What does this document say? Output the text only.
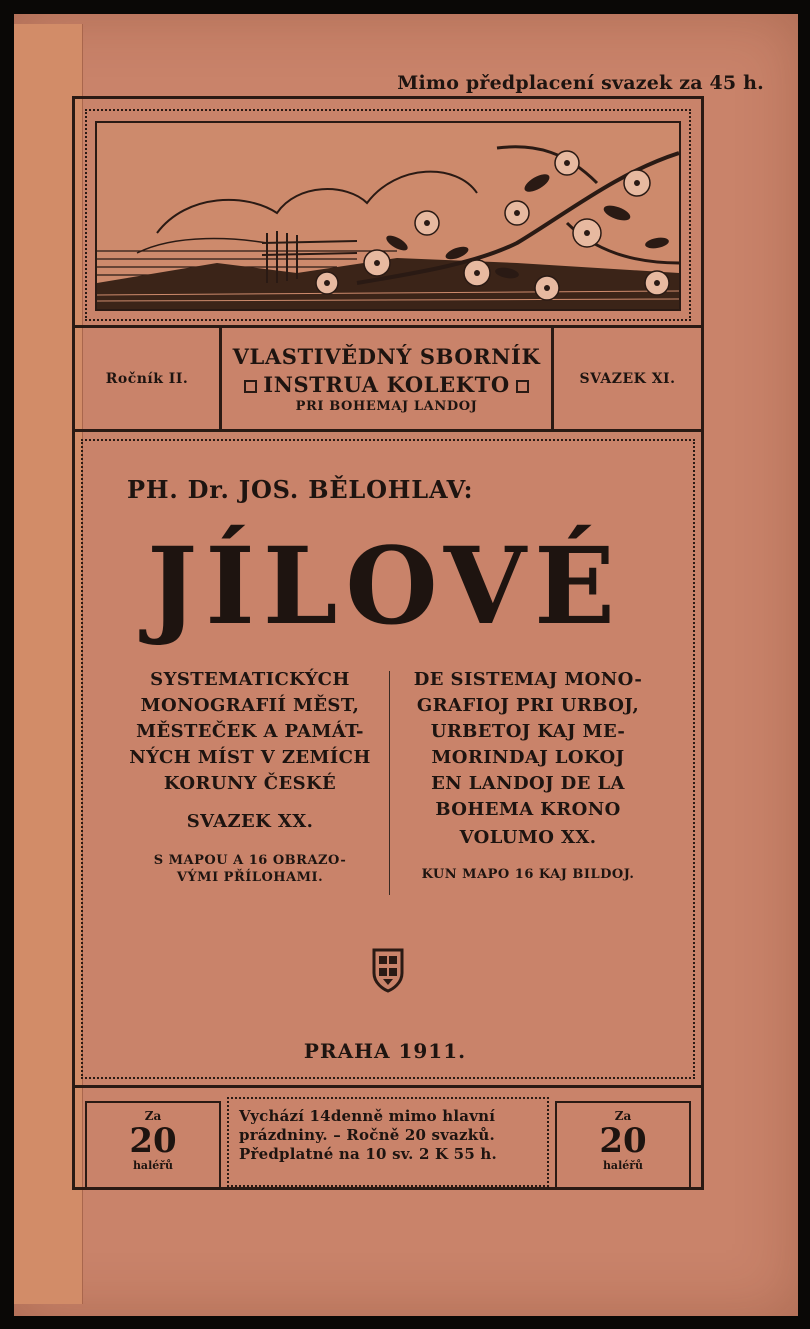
Mimo předplacení svazek za 45 h.
Ročník II.
VLASTIVĚDNÝ SBORNÍK
INSTRUA KOLEKTO
PRI BOHEMAJ LANDOJ
SVAZEK XI.
PH. Dr. JOS. BĚLOHLAV:
JÍLOVÉ
SYSTEMATICKÝCH
MONOGRAFIÍ MĚST,
MĚSTEČEK A PAMÁT-
NÝCH MÍST V ZEMÍCH
KORUNY ČESKÉ
SVAZEK XX.
S MAPOU A 16 OBRAZO-
VÝMI PŘÍLOHAMI.
DE SISTEMAJ MONO-
GRAFIOJ PRI URBOJ,
URBETOJ KAJ ME-
MORINDAJ LOKOJ
EN LANDOJ DE LA
BOHEMA KRONO
VOLUMO XX.
KUN MAPO 16 KAJ BILDOJ.
PRAHA 1911.
Za
20
haléřů
Vychází 14denně mimo hlavní
prázdniny. – Ročně 20 svazků.
Předplatné na 10 sv. 2 K 55 h.
Za
20
haléřů
